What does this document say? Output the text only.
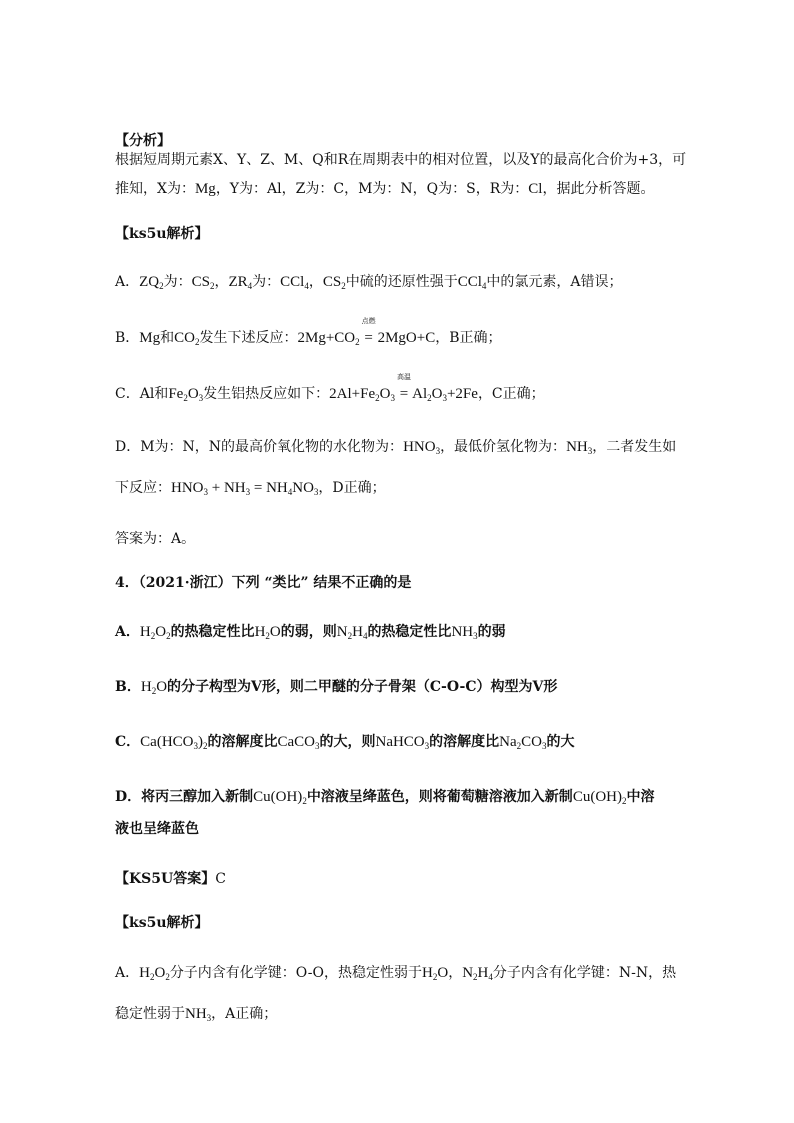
【分析】
根据短周期元素X、Y、Z、M、Q和R在周期表中的相对位置，以及Y的最高化合价为+3，可
推知，X为：Mg，Y为：Al，Z为：C，M为：N，Q为：S，R为：Cl，据此分析答题。
【ks5u解析】
A．$ZQ_2$为：$CS_2$，$ZR_4$为：CCl$_4$，$CS_2$中硫的还原性强于CCl$_4$中的氯元素，A错误；
B．Mg和$CO_2$发生下述反应：$2Mg+CO_2$
点燃
= 2MgO+C，B正确；
C．Al和$Fe_2O_3$发生铝热反应如下：$2Al+Fe_2O_3$
高温
= $Al_2O_3+2Fe$，C正确；
D．M为：N，N的最高价氧化物的水化物为：$HNO_3$，最低价氢化物为：$NH_3$，二者发生如
下反应：$HNO_3 + NH_3 = NH_4NO_3$，D正确；
答案为：A。
4．（2021·浙江）下列 “类比” 结果不正确的是
A．$H_2O_2$的热稳定性比$H_2O$的弱，则$N_2H_4$的热稳定性比$NH_3$的弱
B．$H_2O$的分子构型为V形，则二甲醚的分子骨架（C-O-C）构型为V形
C．$Ca(HCO_3)_2$的溶解度比CaCO$_3$的大，则NaHCO$_3$的溶解度比$Na_2CO_3$的大
D．将丙三醇加入新制$Cu(OH)_2$中溶液呈绛蓝色，则将葡萄糖溶液加入新制$Cu(OH)_2$中溶
液也呈绛蓝色
【KS5U答案】C
【ks5u解析】
A．$H_2O_2$分子内含有化学键：O-O，热稳定性弱于$H_2O$，$N_2H_4$分子内含有化学键：N-N，热
稳定性弱于$NH_3$，A正确；
